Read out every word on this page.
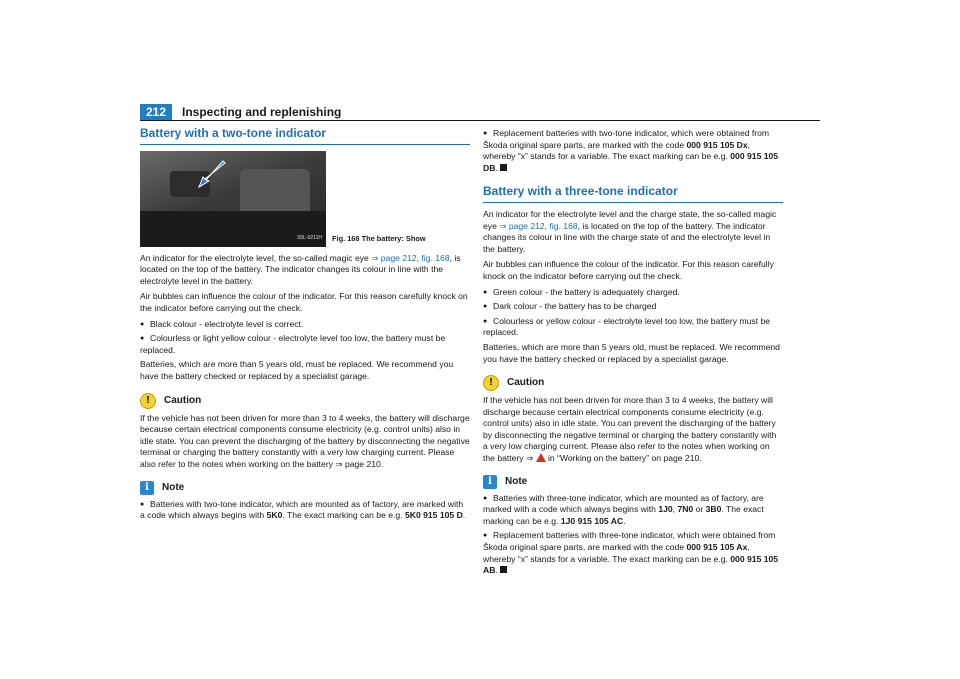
212	Inspecting and replenishing
Battery with a two-tone indicator
S5L-0211H Fig. 168 The battery: Show

An indicator for the electrolyte level, the so-called magic eye ⇒ page 212, fig. 168, is located on the top of the battery. The indicator changes its colour in line with the electrolyte level in the battery.

Air bubbles can influence the colour of the indicator. For this reason carefully knock on the indicator before carrying out the check.

● Black colour - electrolyte level is correct.

● Colourless or light yellow colour - electrolyte level too low, the battery must be replaced.

Batteries, which are more than 5 years old, must be replaced. We recommend you have the battery checked or replaced by a specialist garage.

!	Caution

If the vehicle has not been driven for more than 3 to 4 weeks, the battery will discharge because certain electrical components consume electricity (e.g. control units) also in idle state. You can prevent the discharging of the battery by disconnecting the negative terminal or charging the battery constantly with a very low charging current. Please also refer to the notes when working on the battery ⇒ page 210.

i	Note

● Batteries with two-tone indicator, which are mounted as of factory, are marked with a code which always begins with 5K0. The exact marking can be e.g. 5K0 915 105 D.

● Replacement batteries with two-tone indicator, which were obtained from Škoda original spare parts, are marked with the code 000 915 105 Dx, whereby “x” stands for a variable. The exact marking can be e.g. 000 915 105 DB.

Battery with a three-tone indicator

An indicator for the electrolyte level and the charge state, the so-called magic eye ⇒ page 212, fig. 168, is located on the top of the battery. The indicator changes its colour in line with the charge state of and the electrolyte level in the battery.

Air bubbles can influence the colour of the indicator. For this reason carefully knock on the indicator before carrying out the check.

● Green colour - the battery is adequately charged.

● Dark colour - the battery has to be charged

● Colourless or yellow colour - electrolyte level too low, the battery must be replaced.

Batteries, which are more than 5 years old, must be replaced. We recommend you have the battery checked or replaced by a specialist garage.

!	Caution

If the vehicle has not been driven for more than 3 to 4 weeks, the battery will discharge because certain electrical components consume electricity (e.g. control units) also in idle state. You can prevent the discharging of the battery by disconnecting the negative terminal or charging the battery constantly with a very low charging current. Please also refer to the notes when working on the battery ⇒  in “Working on the battery” on page 210.

i	Note

● Batteries with three-tone indicator, which are mounted as of factory, are marked with a code which always begins with 1J0, 7N0 or 3B0. The exact marking can be e.g. 1J0 915 105 AC.

● Replacement batteries with three-tone indicator, which were obtained from Škoda original spare parts, are marked with the code 000 915 105 Ax, whereby “x” stands for a variable. The exact marking can be e.g. 000 915 105 AB.
